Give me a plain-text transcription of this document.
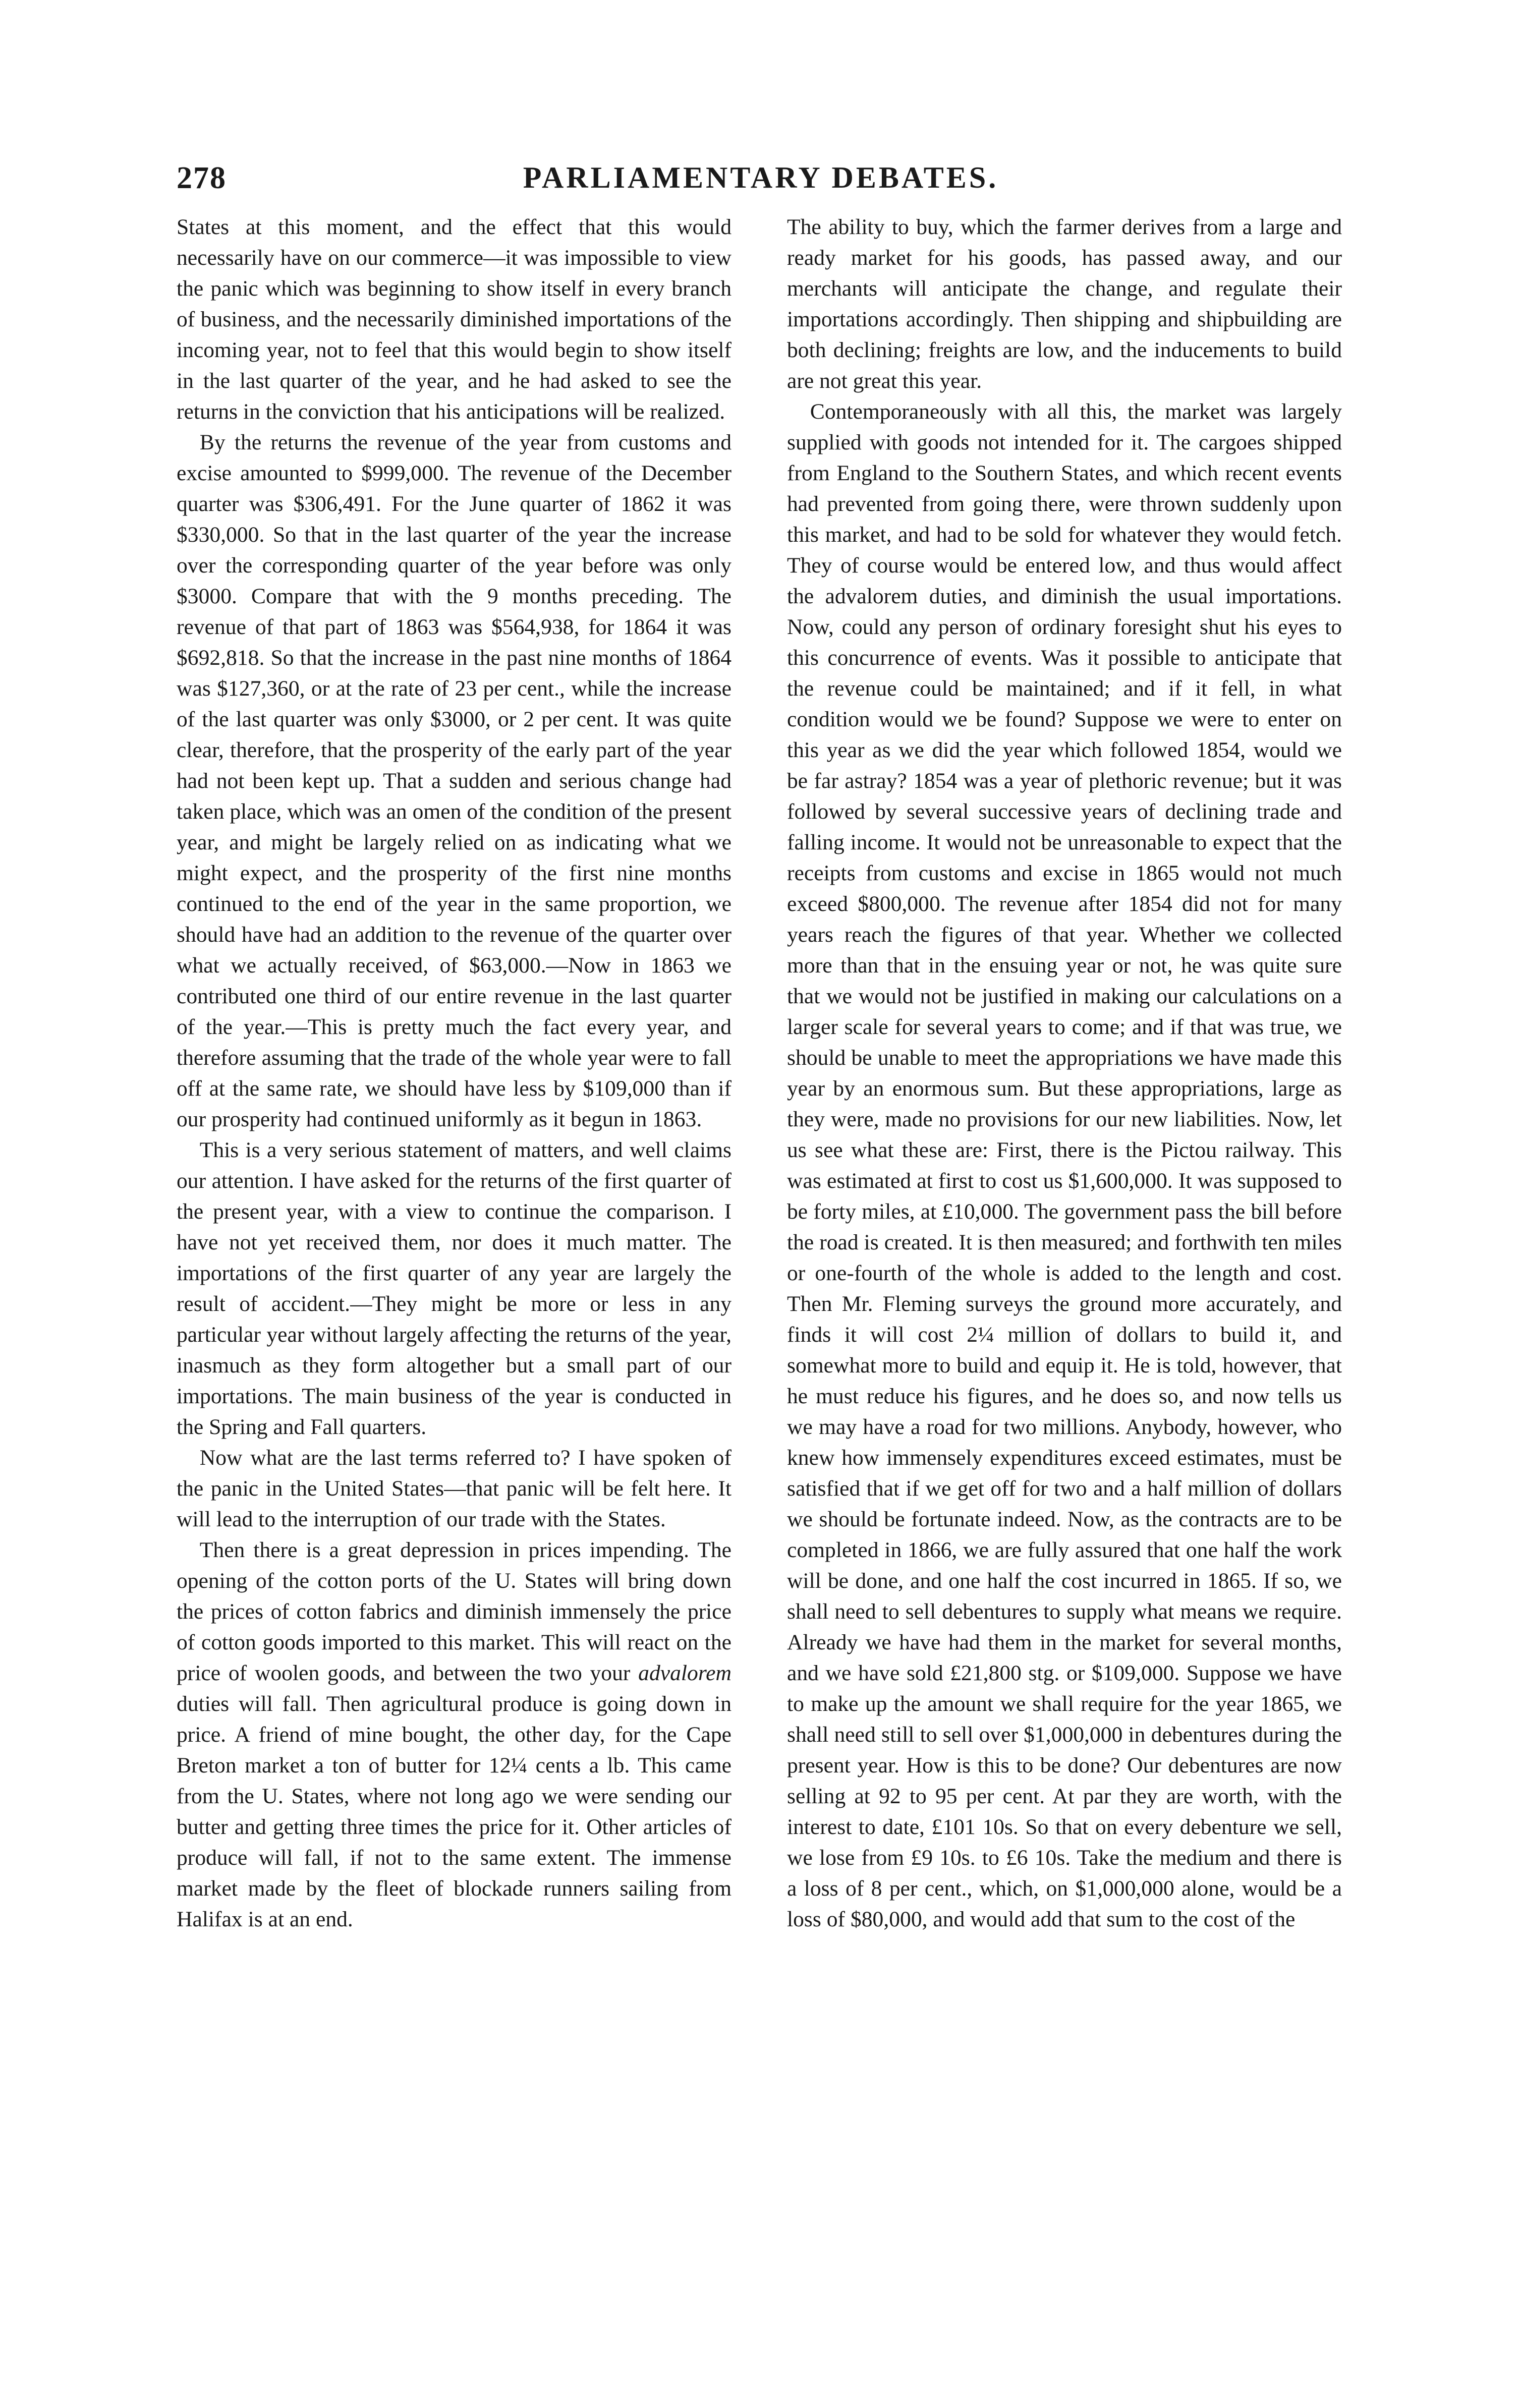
278	PARLIAMENTARY DEBATES.

States at this moment, and the effect that this would necessarily have on our commerce—it was impossible to view the panic which was beginning to show itself in every branch of business, and the necessarily diminished importations of the incoming year, not to feel that this would begin to show itself in the last quarter of the year, and he had asked to see the returns in the conviction that his anticipations will be realized.

By the returns the revenue of the year from customs and excise amounted to $999,000. The revenue of the December quarter was $306,491. For the June quarter of 1862 it was $330,000. So that in the last quarter of the year the increase over the corresponding quarter of the year before was only $3000. Compare that with the 9 months preceding. The revenue of that part of 1863 was $564,938, for 1864 it was $692,818. So that the increase in the past nine months of 1864 was $127,360, or at the rate of 23 per cent., while the increase of the last quarter was only $3000, or 2 per cent. It was quite clear, therefore, that the prosperity of the early part of the year had not been kept up. That a sudden and serious change had taken place, which was an omen of the condition of the present year, and might be largely relied on as indicating what we might expect, and the prosperity of the first nine months continued to the end of the year in the same proportion, we should have had an addition to the revenue of the quarter over what we actually received, of $63,000.—Now in 1863 we contributed one third of our entire revenue in the last quarter of the year.—This is pretty much the fact every year, and therefore assuming that the trade of the whole year were to fall off at the same rate, we should have less by $109,000 than if our prosperity had continued uniformly as it begun in 1863.

This is a very serious statement of matters, and well claims our attention. I have asked for the returns of the first quarter of the present year, with a view to continue the comparison. I have not yet received them, nor does it much matter. The importations of the first quarter of any year are largely the result of accident.—They might be more or less in any particular year without largely affecting the returns of the year, inasmuch as they form altogether but a small part of our importations. The main business of the year is conducted in the Spring and Fall quarters.

Now what are the last terms referred to? I have spoken of the panic in the United States—that panic will be felt here. It will lead to the interruption of our trade with the States.

Then there is a great depression in prices impending. The opening of the cotton ports of the U. States will bring down the prices of cotton fabrics and diminish immensely the price of cotton goods imported to this market. This will react on the price of woolen goods, and between the two your advalorem duties will fall. Then agricultural produce is going down in price. A friend of mine bought, the other day, for the Cape Breton market a ton of butter for 12¼ cents a lb. This came from the U. States, where not long ago we were sending our butter and getting three times the price for it. Other articles of produce will fall, if not to the same extent. The immense market made by the fleet of blockade runners sailing from Halifax is at an end.

The ability to buy, which the farmer derives from a large and ready market for his goods, has passed away, and our merchants will anticipate the change, and regulate their importations accordingly. Then shipping and shipbuilding are both declining; freights are low, and the inducements to build are not great this year.

Contemporaneously with all this, the market was largely supplied with goods not intended for it. The cargoes shipped from England to the Southern States, and which recent events had prevented from going there, were thrown suddenly upon this market, and had to be sold for whatever they would fetch. They of course would be entered low, and thus would affect the advalorem duties, and diminish the usual importations. Now, could any person of ordinary foresight shut his eyes to this concurrence of events. Was it possible to anticipate that the revenue could be maintained; and if it fell, in what condition would we be found? Suppose we were to enter on this year as we did the year which followed 1854, would we be far astray? 1854 was a year of plethoric revenue; but it was followed by several successive years of declining trade and falling income. It would not be unreasonable to expect that the receipts from customs and excise in 1865 would not much exceed $800,000. The revenue after 1854 did not for many years reach the figures of that year. Whether we collected more than that in the ensuing year or not, he was quite sure that we would not be justified in making our calculations on a larger scale for several years to come; and if that was true, we should be unable to meet the appropriations we have made this year by an enormous sum. But these appropriations, large as they were, made no provisions for our new liabilities. Now, let us see what these are: First, there is the Pictou railway. This was estimated at first to cost us $1,600,000. It was supposed to be forty miles, at £10,000. The government pass the bill before the road is created. It is then measured; and forthwith ten miles or one-fourth of the whole is added to the length and cost. Then Mr. Fleming surveys the ground more accurately, and finds it will cost 2¼ million of dollars to build it, and somewhat more to build and equip it. He is told, however, that he must reduce his figures, and he does so, and now tells us we may have a road for two millions. Anybody, however, who knew how immensely expenditures exceed estimates, must be satisfied that if we get off for two and a half million of dollars we should be fortunate indeed. Now, as the contracts are to be completed in 1866, we are fully assured that one half the work will be done, and one half the cost incurred in 1865. If so, we shall need to sell debentures to supply what means we require. Already we have had them in the market for several months, and we have sold £21,800 stg. or $109,000. Suppose we have to make up the amount we shall require for the year 1865, we shall need still to sell over $1,000,000 in debentures during the present year. How is this to be done? Our debentures are now selling at 92 to 95 per cent. At par they are worth, with the interest to date, £101 10s. So that on every debenture we sell, we lose from £9 10s. to £6 10s. Take the medium and there is a loss of 8 per cent., which, on $1,000,000 alone, would be a loss of $80,000, and would add that sum to the cost of the
